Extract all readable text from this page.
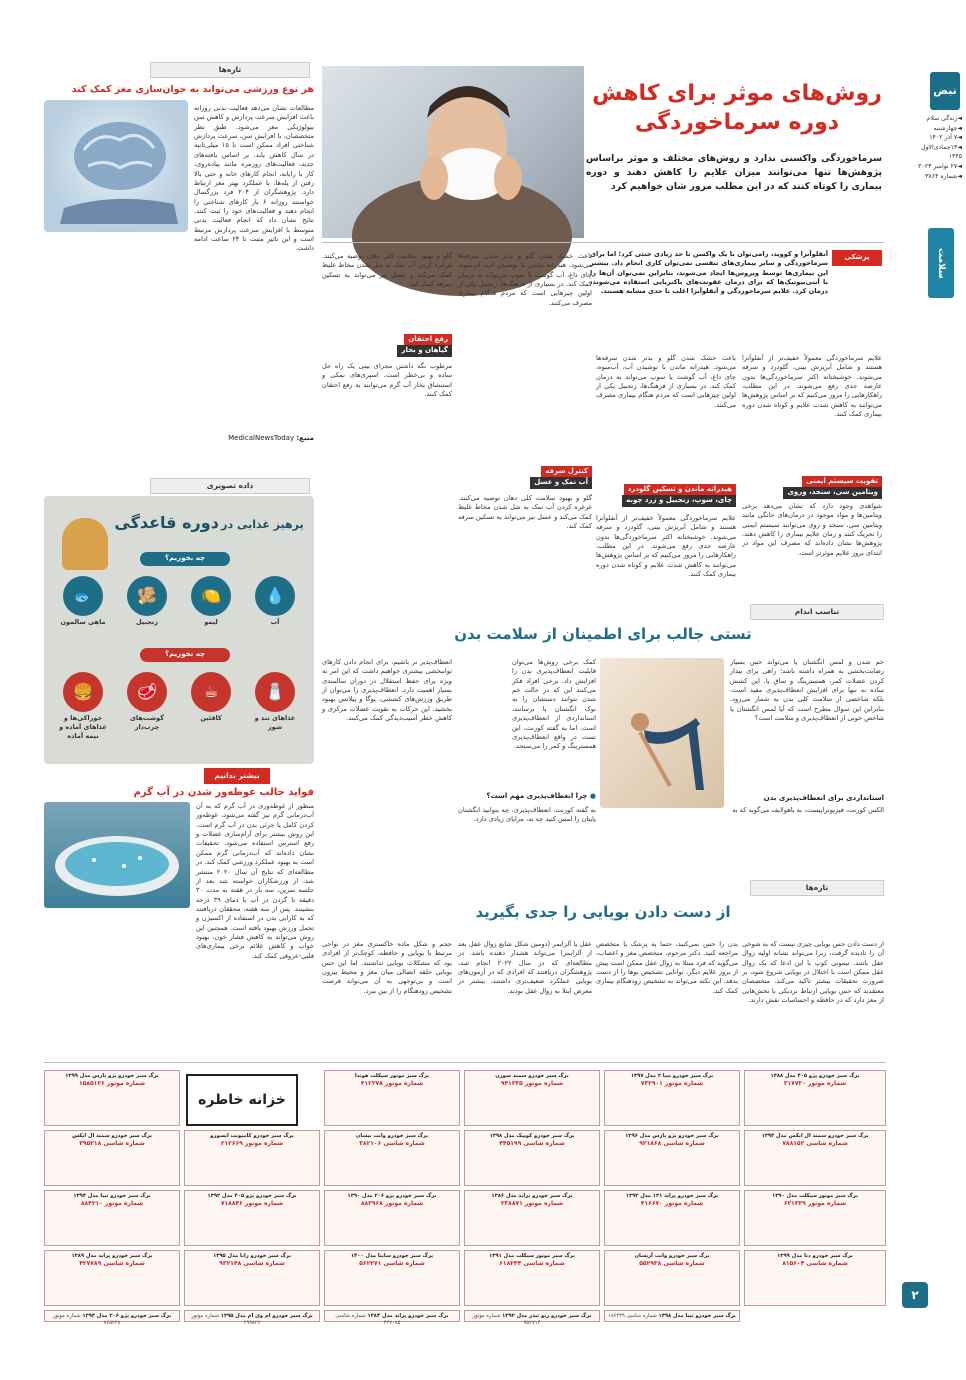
نبض
◄زندگی سلام
◄چهارشنبه
◄۷ آذر ۱۴۰۲
◄۱۳جمادی‌الاول ۱۴۴۵
◄۲۷ نوامبر ۲۰۲۳
◄شماره ۳۸۶۴
سلامت
۲
روش‌های موثر برای کاهش
دوره سرماخوردگی
سرماخوردگی واکسنی ندارد و روش‌های مختلف و موثر براساس پژوهش‌ها تنها می‌توانند میزان علایم را کاهش دهند و دوره بیماری را کوتاه کنند که در این مطلب مرور شان خواهیم کرد
پزشکی
آنفلوآنزا و کووید، رامی‌توان با یک واکسن تا حد زیادی خنثی کرد؛ اما برای سرماخوردگی و سایر بیماری‌های تنفسی نمی‌توان کاری انجام داد. بیشتر این بیماری‌ها توسط ویروس‌ها ایجاد می‌شوند، بنابراین نمی‌توان آن‌ها را با آنتی‌بیوتیک‌ها که برای درمان عفونت‌های باکتریایی استفاده می‌شوند، درمان کرد. علایم سرماخوردگی و آنفلوآنزا اغلب تا حدی مشابه هستند.
علایم سرماخوردگی معمولاً خفیف‌تر از آنفلوآنزا هستند و شامل آبریزش بینی، گلودرد و سرفه می‌شوند. خوشبختانه اکثر سرماخوردگی‌ها بدون عارضه جدی رفع می‌شوند. در این مطلب، راهکارهایی را مرور می‌کنیم که بر اساس پژوهش‌ها می‌توانند به کاهش شدت علایم و کوتاه شدن دوره بیماری کمک کنند.
تقویت سیستم ایمنی
ویتامین سی، سنجد، وروی
شواهدی وجود دارد که نشان می‌دهد برخی ویتامین‌ها و مواد موجود در درمان‌های خانگی مانند ویتامین سی، سنجد و روی می‌توانند سیستم ایمنی را تحریک کنند و زمان علایم بیماری را کاهش دهند. پژوهش‌ها نشان داده‌اند که مصرف این مواد در ابتدای بروز علایم موثرتر است.
باعث خشک شدن گلو و بدتر شدن سرفه‌ها می‌شود. هیدراته ماندن با نوشیدن آب، آب‌میوه، چای داغ، آب گوشت یا سوپ می‌تواند به درمان کمک کند. در بسیاری از فرهنگ‌ها، زنجبیل یکی از اولین چیزهایی است که مردم هنگام بیماری مصرف می‌کنند.
هیدراته ماندن و تسکین گلودرد
چای، سوپ، زنجبیل و زرد چوبه
علایم سرماخوردگی معمولاً خفیف‌تر از آنفلوآنزا هستند و شامل آبریزش بینی، گلودرد و سرفه می‌شوند. خوشبختانه اکثر سرماخوردگی‌ها بدون عارضه جدی رفع می‌شوند. در این مطلب، راهکارهایی را مرور می‌کنیم که بر اساس پژوهش‌ها می‌توانند به کاهش شدت علایم و کوتاه شدن دوره بیماری کمک کنند.
باعث خشک شدن گلو و بدتر شدن سرفه‌ها می‌شود. هیدراته ماندن با نوشیدن آب، آب‌میوه، چای داغ، آب گوشت یا سوپ می‌تواند به درمان کمک کند. در بسیاری از فرهنگ‌ها، زنجبیل یکی از اولین چیزهایی است که مردم هنگام بیماری مصرف می‌کنند.
کنترل سرفه
آب نمک و عسل
گلو و بهبود سلامت کلی دهان توصیه می‌کنند. غرغره کردن آب نمک به شل شدن مخاط غلیظ کمک می‌کند و عسل نیز می‌تواند به تسکین سرفه کمک کند.
گلو و بهبود سلامت کلی دهان توصیه می‌کنند. غرغره کردن آب نمک به شل شدن مخاط غلیظ کمک می‌کند و عسل نیز می‌تواند به تسکین سرفه کمک کند.
رفع احتقان
گیاهان و بخار
مرطوب نگه داشتن مجرای بینی یک راه حل ساده و بی‌خطر است. اسپری‌های نمکی و استنشاق بخار آب گرم می‌توانند به رفع احتقان کمک کنند.
تازه‌ها
هر نوع ورزشی می‌تواند به جوان‌سازی مغز کمک کند
مطالعات نشان می‌دهد فعالیت بدنی روزانه باعث افزایش سرعت پردازش و کاهش سن بیولوژیکی مغز می‌شود. طبق نظر متخصصان، با افزایش سن، سرعت پردازش شناختی افراد ممکن است تا ۱۵ میلی‌ثانیه در سال کاهش یابد. بر اساس یافته‌های جدید، فعالیت‌های روزمره مانند پیاده‌روی، کار با رایانه، انجام کارهای خانه و حتی بالا رفتن از پله‌ها، با عملکرد بهتر مغز ارتباط دارد. پژوهشگران از ۲۰۴ فرد بزرگسال خواستند روزانه ۶ بار کارهای شناختی را انجام دهند و فعالیت‌های خود را ثبت کنند. نتایج نشان داد که انجام فعالیت بدنی متوسط با افزایش سرعت پردازش مرتبط است و این تاثیر مثبت تا ۲۴ ساعت ادامه داشت.
منبع: MedicalNewsToday
داده تصویری
پرهیز غذایی در دوره قاعدگی
چه بخوریم؟
💧
آب
🍋
لیمو
🫚
زنجبیل
🐟
ماهی سالمون
چه نخوریم؟
🧂
غذاهای تند و شور
☕
کافئین
🥩
گوشت‌های چرب‌دار
🍔
خوراکی‌ها و غذاهای آماده و نیمه آماده
بیشتر بدانیم
فواید جالب غوطه‌ور شدن در آب گرم
منظور از غوطه‌وری در آب گرم که به آن آب‌درمانی گرم نیز گفته می‌شود، غوطه‌ور کردن کامل یا جزئی بدن در آب گرم است. این روش بیشتر برای آرام‌سازی عضلات و رفع استرس استفاده می‌شود. تحقیقات نشان داده‌اند که آب‌درمانی گرم ممکن است به بهبود عملکرد ورزشی کمک کند. در مطالعه‌ای که نتایج آن سال ۲۰۲۰ منتشر شد، از ورزشکاران خواسته شد بعد از جلسه تمرین، سه بار در هفته به مدت ۳۰ دقیقه تا گردن در آب با دمای ۳۹ درجه بنشینند. پس از سه هفته، محققان دریافتند که به کارایی بدن در استفاده از اکسیژن و تحمل ورزش بهبود یافته است. همچنین این روش می‌تواند به کاهش فشار خون، بهبود خواب و کاهش علائم برخی بیماری‌های قلبی-عروقی کمک کند.
تناسب اندام
تستی جالب برای اطمینان از سلامت بدن
خم شدن و لمس انگشتان پا می‌تواند حس بسیار رضایت‌بخشی به همراه داشته باشد؛ راهی برای بیدار کردن عضلات کمر، همسترینگ و ساق پا. این کشش ساده نه تنها برای افزایش انعطاف‌پذیری مفید است، بلکه شاخصی از سلامت کلی بدن به شمار می‌رود. بنابراین این سوال مطرح است که آیا لمس انگشتان پا شاخص خوبی از انعطاف‌پذیری و سلامت است؟
استانداردی برای انعطاف‌پذیری بدن
الکس کورنت، فیزیوتراپیست، به یاهولایف می‌گوید که به
کمک برخی روش‌ها می‌توان قابلیت انعطاف‌پذیری بدن را افزایش داد. برخی افراد فکر می‌کنند این که در حالت خم شدن بتوانند دستشان را به نوک انگشتان پا برسانند، استانداردی از انعطاف‌پذیری است. اما به گفته کورنت، این تست در واقع انعطاف‌پذیری همسترینگ و کمر را می‌سنجد.
● چرا انعطاف‌پذیری مهم است؟
به گفته کورنت، انعطاف‌پذیری، چه بتوانید انگشتان پایتان را لمس کنید چه نه، مزایای زیادی دارد.
انعطاف‌پذیر تر باشیم، برای انجام دادن کارهای توانبخشی بیشتری خواهیم داشت که این امر به ویژه برای حفظ استقلال در دوران سالمندی بسیار اهمیت دارد. انعطاف‌پذیری را می‌توان از طریق ورزش‌های کششی، یوگا و پیلاتس بهبود بخشید. این حرکات به تقویت عضلات مرکزی و کاهش خطر آسیب‌دیدگی کمک می‌کنند.
تازه‌ها
از دست دادن بویایی را جدی بگیرید
از دست دادن حس بویایی چیزی نیست که به شوخی آن را نادیده گرفت، زیرا می‌تواند نشانه اولیه زوال عقل باشد. تیموتی کوپ با این ادعا که یک زوال عقل ممکن است با اختلال در بویایی شروع شود، بر ضرورت تحقیقات بیشتر تاکید می‌کند. متخصصان معتقدند که حس بویایی ارتباط نزدیکی با بخش‌هایی از مغز دارد که در حافظه و احساسات نقش دارند.
بدن را حس نمی‌کنید، حتما به پزشک یا متخصص مراجعه کنید. دکتر مرحوم، متخصص مغز و اعصاب، می‌گوید که فرد مبتلا به زوال عقل ممکن است پیش از بروز علایم دیگر، توانایی تشخیص بوها را از دست بدهد. این نکته می‌تواند به تشخیص زودهنگام بیماری کمک کند.
عقل یا آلزایمر (دومین شکل شایع زوال عقل بعد از آلزایمر) می‌تواند هشدار دهنده باشد. در مطالعه‌ای که در سال ۲۰۲۲ انجام شد، پژوهشگران دریافتند که افرادی که در آزمون‌های بویایی عملکرد ضعیف‌تری داشتند، بیشتر در معرض ابتلا به زوال عقل بودند.
حجم و شکل ماده خاکستری مغز در نواحی مرتبط با بویایی و حافظه، کوچک‌تر از افرادی بود که مشکلات بویایی نداشتند. اما این حس بویایی حلقه اتصالی میان مغز و محیط بیرون است و بی‌توجهی به آن می‌تواند فرصت تشخیص زودهنگام را از بین ببرد.
خزانه خاطره
برگ سبز خودرو پژو پارس مدل ۱۳۹۹
شماره موتور ۱۵۸۵۱۲۶
برگ سبز خودرو سمند ال ایکس
شماره شاسی ۳۹۵۲۱۸
برگ سبز خودرو تیبا مدل ۱۳۹۴
شماره موتور ۸۸۴۲۱۰
برگ سبز خودرو پراید مدل ۱۳۸۹
شماره شاسی ۴۲۷۷۸۹
برگ سبز خودرو کامیونت ایسوزو
شماره موتور ۲۱۲۶۶۹
برگ سبز خودرو پژو ۴۰۵ مدل ۱۳۹۲
شماره موتور ۷۱۸۸۴۶
برگ سبز خودرو رانا مدل ۱۳۹۵
شماره شاسی ۹۳۲۱۴۸
برگ سبز موتور سیکلت هوندا
شماره موتور ۴۱۲۲۷۸
برگ سبز خودرو وانت نیسان
شماره شاسی ۳۸۲۱۰۶
برگ سبز خودرو پژو ۲۰۶ مدل ۱۳۹۰
شماره موتور ۸۸۳۹۶۸
برگ سبز خودرو ساینا مدل ۱۴۰۰
شماره شاسی ۵۶۲۲۷۱
برگ سبز خودرو سمند سورن
شماره موتور ۹۴۱۳۳۵
برگ سبز خودرو کوییک مدل ۱۳۹۸
شماره شاسی ۴۴۵۱۹۹
برگ سبز خودرو پراید مدل ۱۳۸۶
شماره موتور ۲۳۸۸۷۱
برگ سبز موتور سیکلت مدل ۱۳۹۱
شماره شاسی ۶۱۸۲۴۴
برگ سبز خودرو تیبا ۲ مدل ۱۳۹۷
شماره موتور ۷۳۲۹۰۱
برگ سبز خودرو پژو پارس مدل ۱۳۹۶
شماره شاسی ۹۲۱۸۶۸
برگ سبز خودرو پراید ۱۳۱ مدل ۱۳۹۳
شماره موتور ۴۱۶۶۷۰
برگ سبز خودرو وانت آریسان
شماره شاسی ۵۵۲۹۳۸
برگ سبز خودرو پژو ۴۰۵ مدل ۱۳۸۸
شماره موتور ۳۱۷۷۲۰
برگ سبز خودرو سمند ال ایکس مدل ۱۳۹۴
شماره شاسی ۷۸۸۱۵۲
برگ سبز موتور سیکلت مدل ۱۳۹۰
شماره موتور ۶۲۱۳۳۹
برگ سبز خودرو دنا مدل ۱۳۹۹
شماره شاسی ۸۱۵۶۰۴
برگ سبز خودرو ام وی ام مدل ۱۳۹۵ شماره موتور ۲۹۹۸۲۶
برگ سبز خودرو پراید مدل ۱۳۸۴ شماره شاسی ۴۳۷۰۸۵
برگ سبز خودرو رنو تندر مدل ۱۳۹۲ شماره موتور ۹۵۲۷۱۴
برگ سبز خودرو تیبا مدل ۱۳۹۸ شماره شاسی ۱۸۶۴۳۹
برگ سبز خودرو پژو ۲۰۶ مدل ۱۳۹۴ شماره موتور ۷۶۵۲۳۸
